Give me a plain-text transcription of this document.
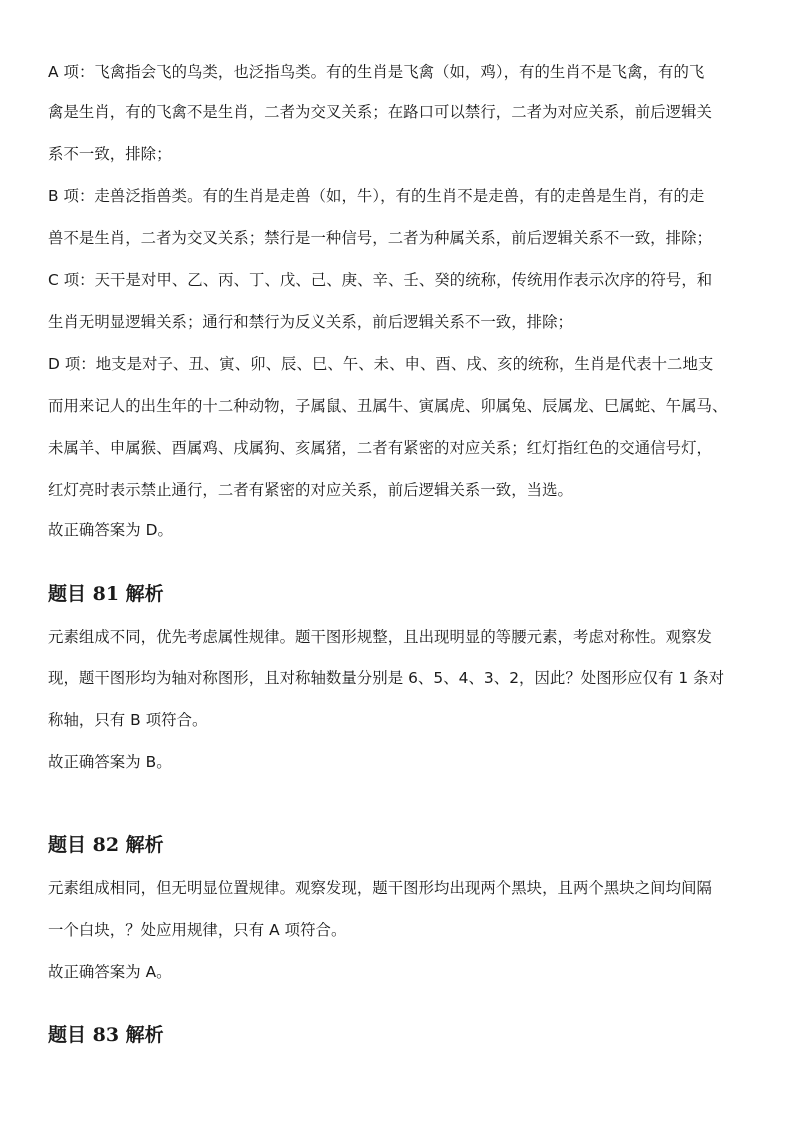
A 项：飞禽指会飞的鸟类，也泛指鸟类。有的生肖是飞禽（如，鸡），有的生肖不是飞禽，有的飞
禽是生肖，有的飞禽不是生肖，二者为交叉关系；在路口可以禁行，二者为对应关系，前后逻辑关
系不一致，排除；
B 项：走兽泛指兽类。有的生肖是走兽（如，牛），有的生肖不是走兽，有的走兽是生肖，有的走
兽不是生肖，二者为交叉关系；禁行是一种信号，二者为种属关系，前后逻辑关系不一致，排除；
C 项：天干是对甲、乙、丙、丁、戊、己、庚、辛、壬、癸的统称，传统用作表示次序的符号，和
生肖无明显逻辑关系；通行和禁行为反义关系，前后逻辑关系不一致，排除；
D 项：地支是对子、丑、寅、卯、辰、巳、午、未、申、酉、戌、亥的统称，生肖是代表十二地支
而用来记人的出生年的十二种动物，子属鼠、丑属牛、寅属虎、卯属兔、辰属龙、巳属蛇、午属马、
未属羊、申属猴、酉属鸡、戌属狗、亥属猪，二者有紧密的对应关系；红灯指红色的交通信号灯，
红灯亮时表示禁止通行，二者有紧密的对应关系，前后逻辑关系一致，当选。
故正确答案为 D。
题目 81 解析
元素组成不同，优先考虑属性规律。题干图形规整，且出现明显的等腰元素，考虑对称性。观察发
现，题干图形均为轴对称图形，且对称轴数量分别是 6、5、4、3、2，因此？处图形应仅有 1 条对
称轴，只有 B 项符合。
故正确答案为 B。
题目 82 解析
元素组成相同，但无明显位置规律。观察发现，题干图形均出现两个黑块，且两个黑块之间均间隔
一个白块，？处应用规律，只有 A 项符合。
故正确答案为 A。
题目 83 解析
